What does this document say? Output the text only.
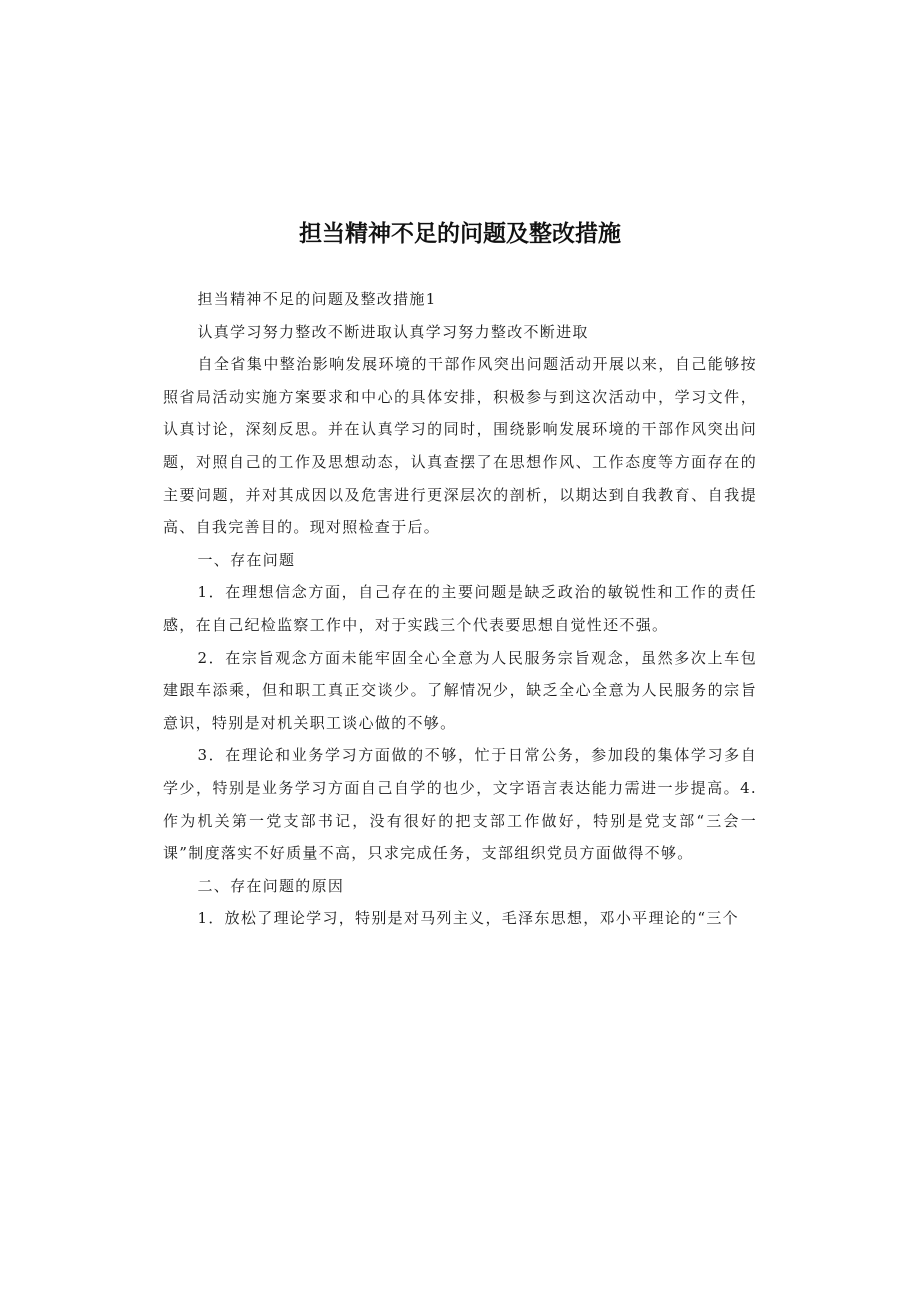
担当精神不足的问题及整改措施

担当精神不足的问题及整改措施1

认真学习努力整改不断进取认真学习努力整改不断进取

自全省集中整治影响发展环境的干部作风突出问题活动开展以来，自己能够按照省局活动实施方案要求和中心的具体安排，积极参与到这次活动中，学习文件，认真讨论，深刻反思。并在认真学习的同时，围绕影响发展环境的干部作风突出问题，对照自己的工作及思想动态，认真查摆了在思想作风、工作态度等方面存在的主要问题，并对其成因以及危害进行更深层次的剖析，以期达到自我教育、自我提高、自我完善目的。现对照检查于后。

一、存在问题

1．在理想信念方面，自己存在的主要问题是缺乏政治的敏锐性和工作的责任感，在自己纪检监察工作中，对于实践三个代表要思想自觉性还不强。

2．在宗旨观念方面未能牢固全心全意为人民服务宗旨观念，虽然多次上车包建跟车添乘，但和职工真正交谈少。了解情况少，缺乏全心全意为人民服务的宗旨意识，特别是对机关职工谈心做的不够。

3．在理论和业务学习方面做的不够，忙于日常公务，参加段的集体学习多自学少，特别是业务学习方面自己自学的也少，文字语言表达能力需进一步提高。4.作为机关第一党支部书记，没有很好的把支部工作做好，特别是党支部“三会一课”制度落实不好质量不高，只求完成任务，支部组织党员方面做得不够。

二、存在问题的原因

1．放松了理论学习，特别是对马列主义，毛泽东思想，邓小平理论的“三个
